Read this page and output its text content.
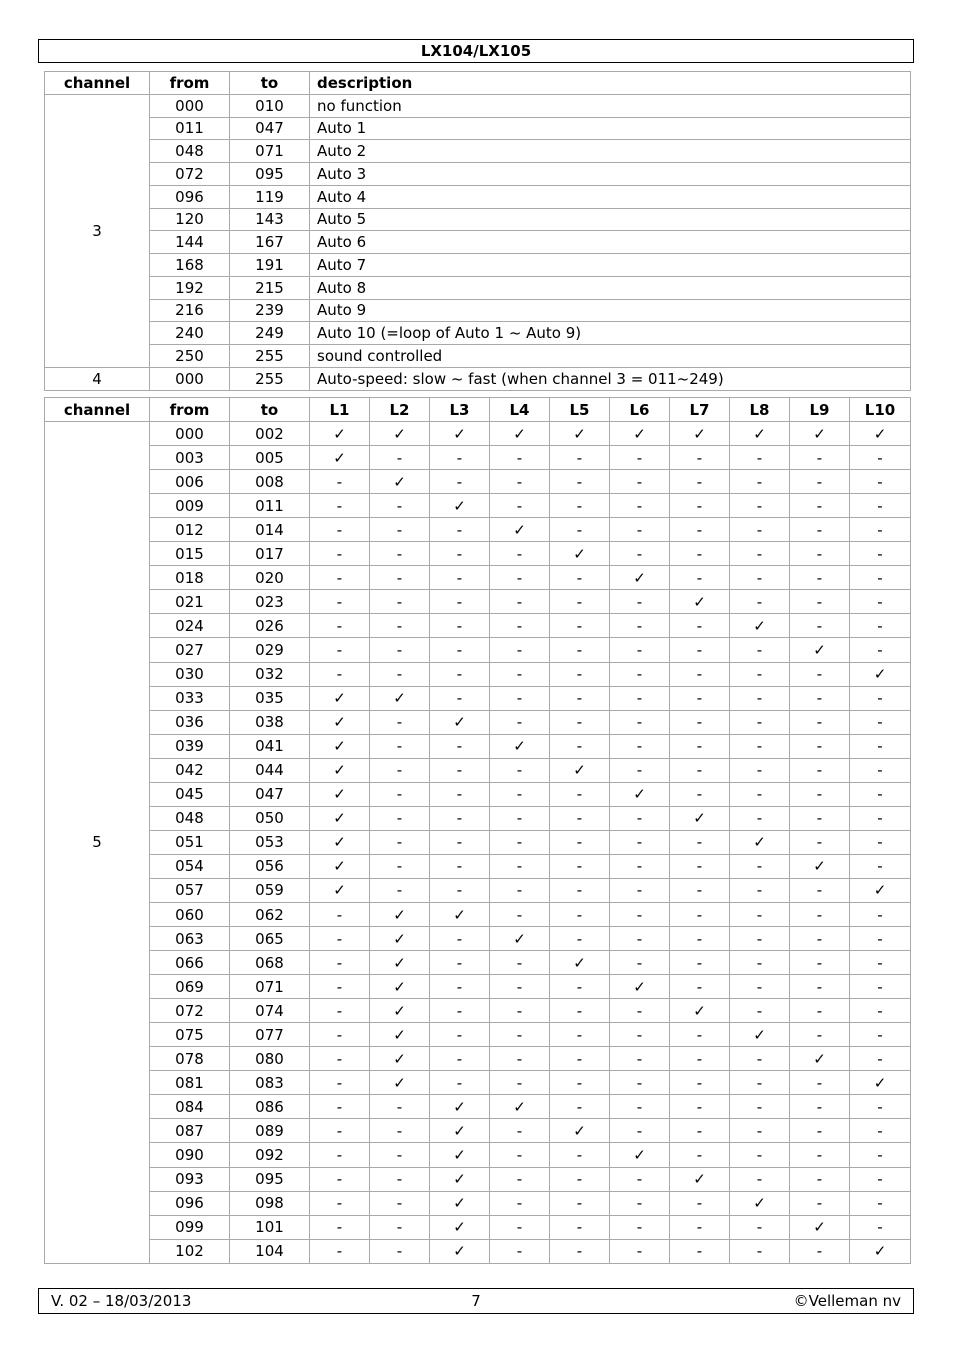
LX104/LX105
channel	from	to	description
3	000	010	no function
	011	047	Auto 1
	048	071	Auto 2
	072	095	Auto 3
	096	119	Auto 4
	120	143	Auto 5
	144	167	Auto 6
	168	191	Auto 7
	192	215	Auto 8
	216	239	Auto 9
	240	249	Auto 10 (=loop of Auto 1 ~ Auto 9)
	250	255	sound controlled
4	000	255	Auto-speed: slow ~ fast (when channel 3 = 011~249)
channel	from	to	L1	L2	L3	L4	L5	L6	L7	L8	L9	L10
5	000	002	✓	✓	✓	✓	✓	✓	✓	✓	✓	✓
	003	005	✓	-	-	-	-	-	-	-	-	-
	006	008	-	✓	-	-	-	-	-	-	-	-
	009	011	-	-	✓	-	-	-	-	-	-	-
	012	014	-	-	-	✓	-	-	-	-	-	-
	015	017	-	-	-	-	✓	-	-	-	-	-
	018	020	-	-	-	-	-	✓	-	-	-	-
	021	023	-	-	-	-	-	-	✓	-	-	-
	024	026	-	-	-	-	-	-	-	✓	-	-
	027	029	-	-	-	-	-	-	-	-	✓	-
	030	032	-	-	-	-	-	-	-	-	-	✓
	033	035	✓	✓	-	-	-	-	-	-	-	-
	036	038	✓	-	✓	-	-	-	-	-	-	-
	039	041	✓	-	-	✓	-	-	-	-	-	-
	042	044	✓	-	-	-	✓	-	-	-	-	-
	045	047	✓	-	-	-	-	✓	-	-	-	-
	048	050	✓	-	-	-	-	-	✓	-	-	-
	051	053	✓	-	-	-	-	-	-	✓	-	-
	054	056	✓	-	-	-	-	-	-	-	✓	-
	057	059	✓	-	-	-	-	-	-	-	-	✓
	060	062	-	✓	✓	-	-	-	-	-	-	-
	063	065	-	✓	-	✓	-	-	-	-	-	-
	066	068	-	✓	-	-	✓	-	-	-	-	-
	069	071	-	✓	-	-	-	✓	-	-	-	-
	072	074	-	✓	-	-	-	-	✓	-	-	-
	075	077	-	✓	-	-	-	-	-	✓	-	-
	078	080	-	✓	-	-	-	-	-	-	✓	-
	081	083	-	✓	-	-	-	-	-	-	-	✓
	084	086	-	-	✓	✓	-	-	-	-	-	-
	087	089	-	-	✓	-	✓	-	-	-	-	-
	090	092	-	-	✓	-	-	✓	-	-	-	-
	093	095	-	-	✓	-	-	-	✓	-	-	-
	096	098	-	-	✓	-	-	-	-	✓	-	-
	099	101	-	-	✓	-	-	-	-	-	✓	-
	102	104	-	-	✓	-	-	-	-	-	-	✓
V. 02 – 18/03/2013	7	©Velleman nv
